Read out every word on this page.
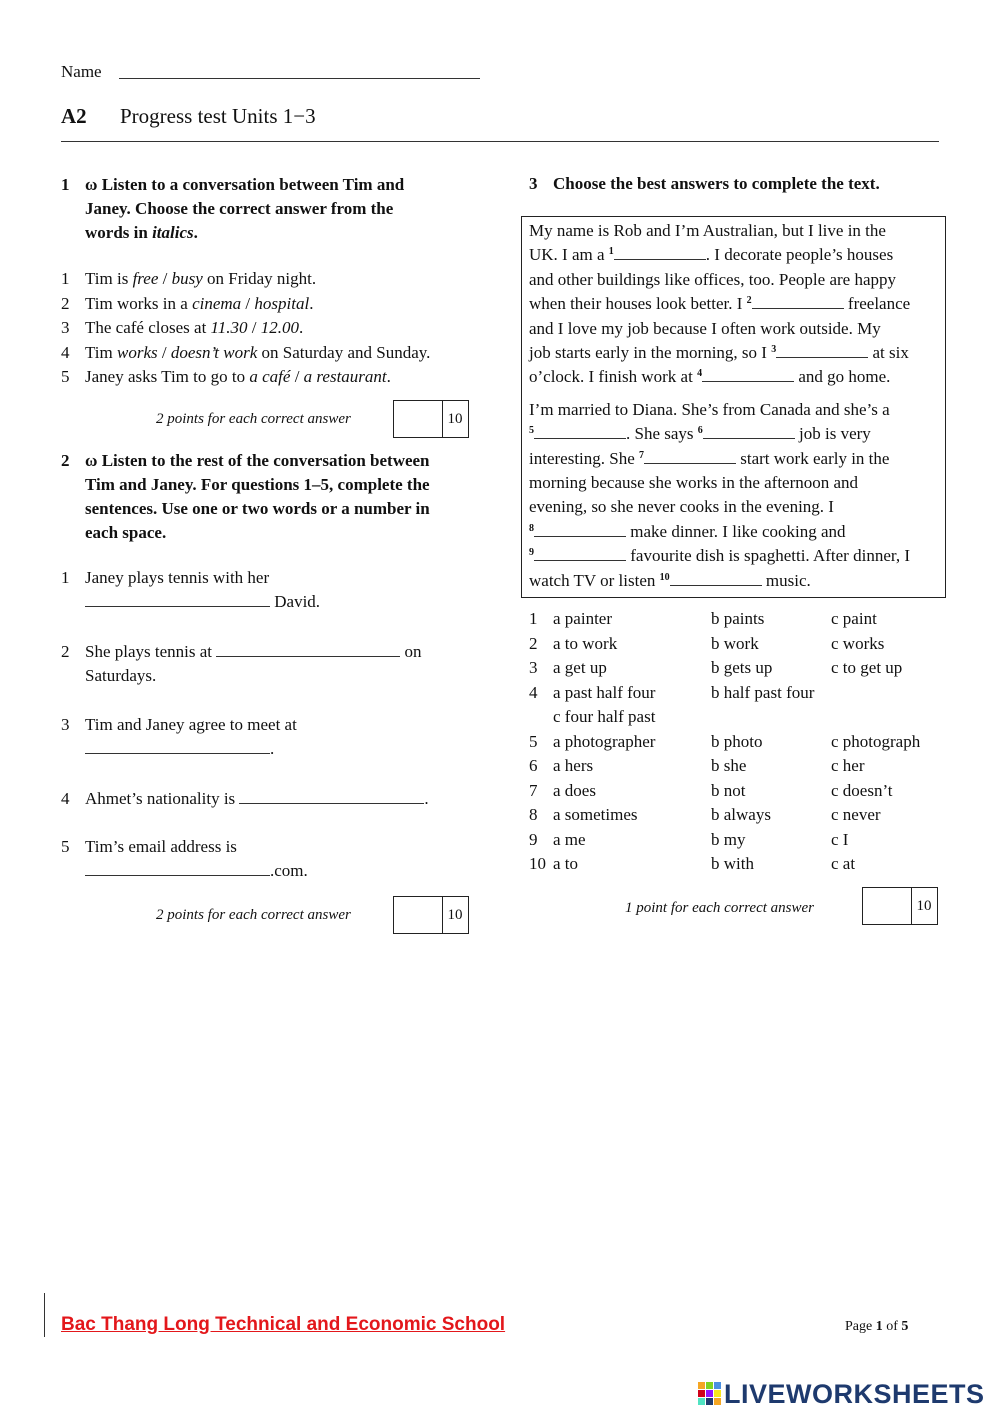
Name
A2 Progress test Units 1−3
1 ω Listen to a conversation between Tim and
Janey. Choose the correct answer from the
words in italics.
1 Tim is free / busy on Friday night.
2 Tim works in a cinema / hospital.
3 The café closes at 11.30 / 12.00.
4 Tim works / doesn’t work on Saturday and Sunday.
5 Janey asks Tim to go to a café / a restaurant.
2 points for each correct answer	10
2 ω Listen to the rest of the conversation between
Tim and Janey. For questions 1–5, complete the
sentences. Use one or two words or a number in
each space.
1 Janey plays tennis with her
David.
2 She plays tennis at	on
Saturdays.
3 Tim and Janey agree to meet at
.
4 Ahmet’s nationality is	.
5 Tim’s email address is
.com.
2 points for each correct answer	10
3 Choose the best answers to complete the text.

My name is Rob and I’m Australian, but I live in the
UK. I am a $^1$	. I decorate people’s houses
and other buildings like offices, too. People are happy
when their houses look better. I $^2$	freelance
and I love my job because I often work outside. My
job starts early in the morning, so I $^3$	at six
o’clock. I finish work at $^4$	and go home.

I’m married to Diana. She’s from Canada and she’s a
$^5$	. She says $^6$	job is very
interesting. She $^7$	start work early in the
morning because she works in the afternoon and
evening, so she never cooks in the evening. I
$^8$	make dinner. I like cooking and
$^9$	favourite dish is spaghetti. After dinner, I
watch TV or listen $^{10}$	music.

1 a painter	b paints	c paint
2 a to work	b work	c works
3 a get up	b gets up	c to get up
4 a past half four	b half past four
c four half past
5 a photographer	b photo	c photograph
6 a hers	b she	c her
7 a does	b not	c doesn’t
8 a sometimes	b always	c never
9 a me	b my	c I
10 a to	b with	c at
1 point for each correct answer	10
Bac Thang Long Technical and Economic School	Page 1 of 5
LIVEWORKSHEETS
